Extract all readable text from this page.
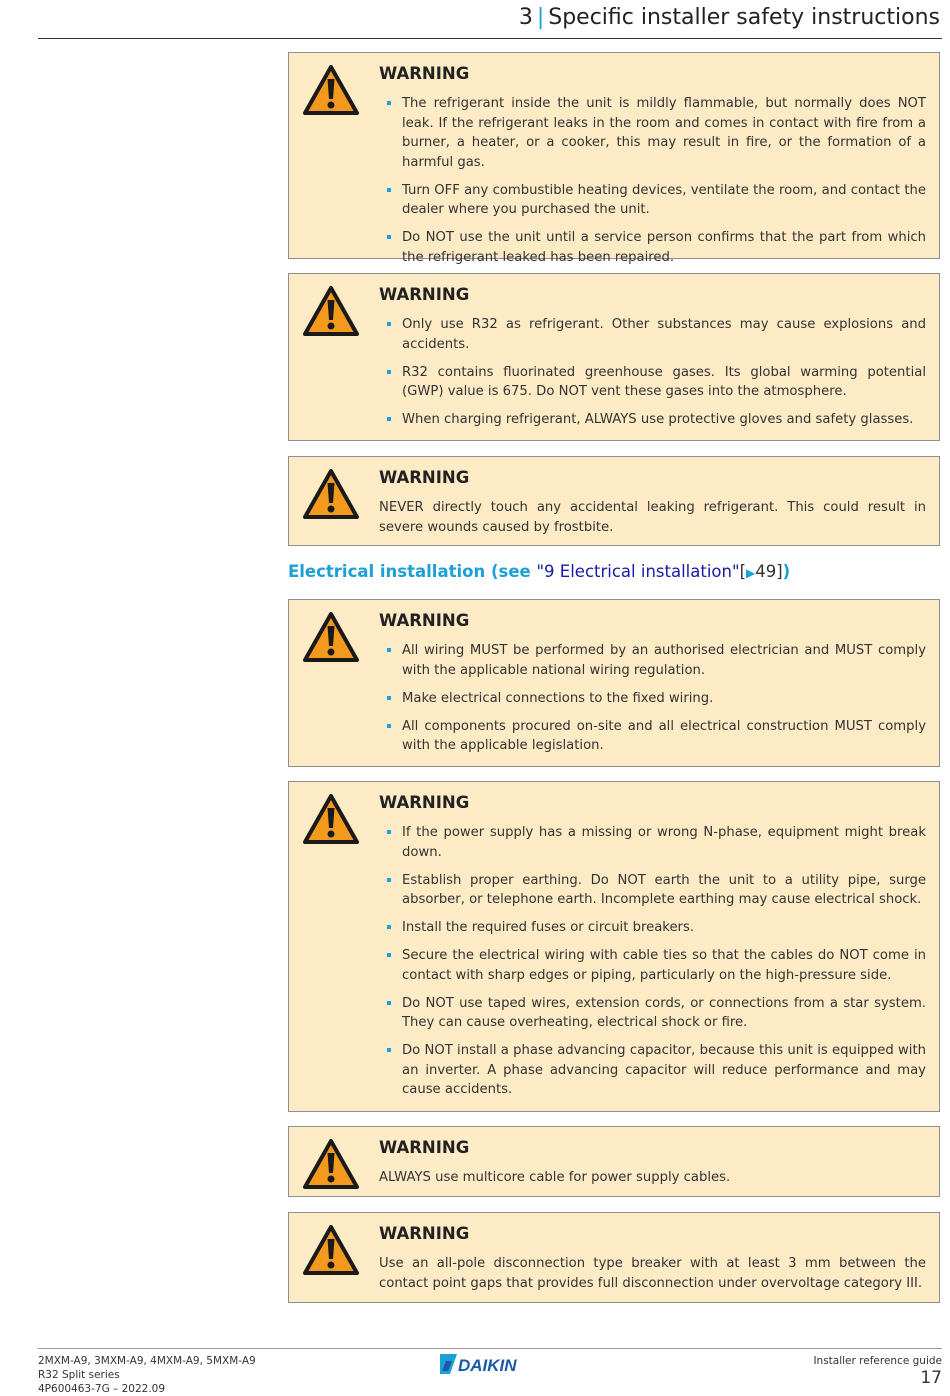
3 | Specific installer safety instructions
WARNING
The refrigerant inside the unit is mildly flammable, but normally does NOT leak. If the refrigerant leaks in the room and comes in contact with fire from a burner, a heater, or a cooker, this may result in fire, or the formation of a harmful gas.
Turn OFF any combustible heating devices, ventilate the room, and contact the dealer where you purchased the unit.
Do NOT use the unit until a service person confirms that the part from which the refrigerant leaked has been repaired.
WARNING
Only use R32 as refrigerant. Other substances may cause explosions and accidents.
R32 contains fluorinated greenhouse gases. Its global warming potential (GWP) value is 675. Do NOT vent these gases into the atmosphere.
When charging refrigerant, ALWAYS use protective gloves and safety glasses.
WARNING

NEVER directly touch any accidental leaking refrigerant. This could result in severe wounds caused by frostbite.

Electrical installation (see "9 Electrical installation"[▶49])
WARNING
All wiring MUST be performed by an authorised electrician and MUST comply with the applicable national wiring regulation.
Make electrical connections to the fixed wiring.
All components procured on-site and all electrical construction MUST comply with the applicable legislation.
WARNING
If the power supply has a missing or wrong N-phase, equipment might break down.
Establish proper earthing. Do NOT earth the unit to a utility pipe, surge absorber, or telephone earth. Incomplete earthing may cause electrical shock.
Install the required fuses or circuit breakers.
Secure the electrical wiring with cable ties so that the cables do NOT come in contact with sharp edges or piping, particularly on the high-pressure side.
Do NOT use taped wires, extension cords, or connections from a star system. They can cause overheating, electrical shock or fire.
Do NOT install a phase advancing capacitor, because this unit is equipped with an inverter. A phase advancing capacitor will reduce performance and may cause accidents.
WARNING

ALWAYS use multicore cable for power supply cables.

WARNING

Use an all-pole disconnection type breaker with at least 3 mm between the contact point gaps that provides full disconnection under overvoltage category III.

2MXM-A9, 3MXM-A9, 4MXM-A9, 5MXM-A9
R32 Split series
4P600463-7G – 2022.09
DAIKIN	Installer reference guide
17
